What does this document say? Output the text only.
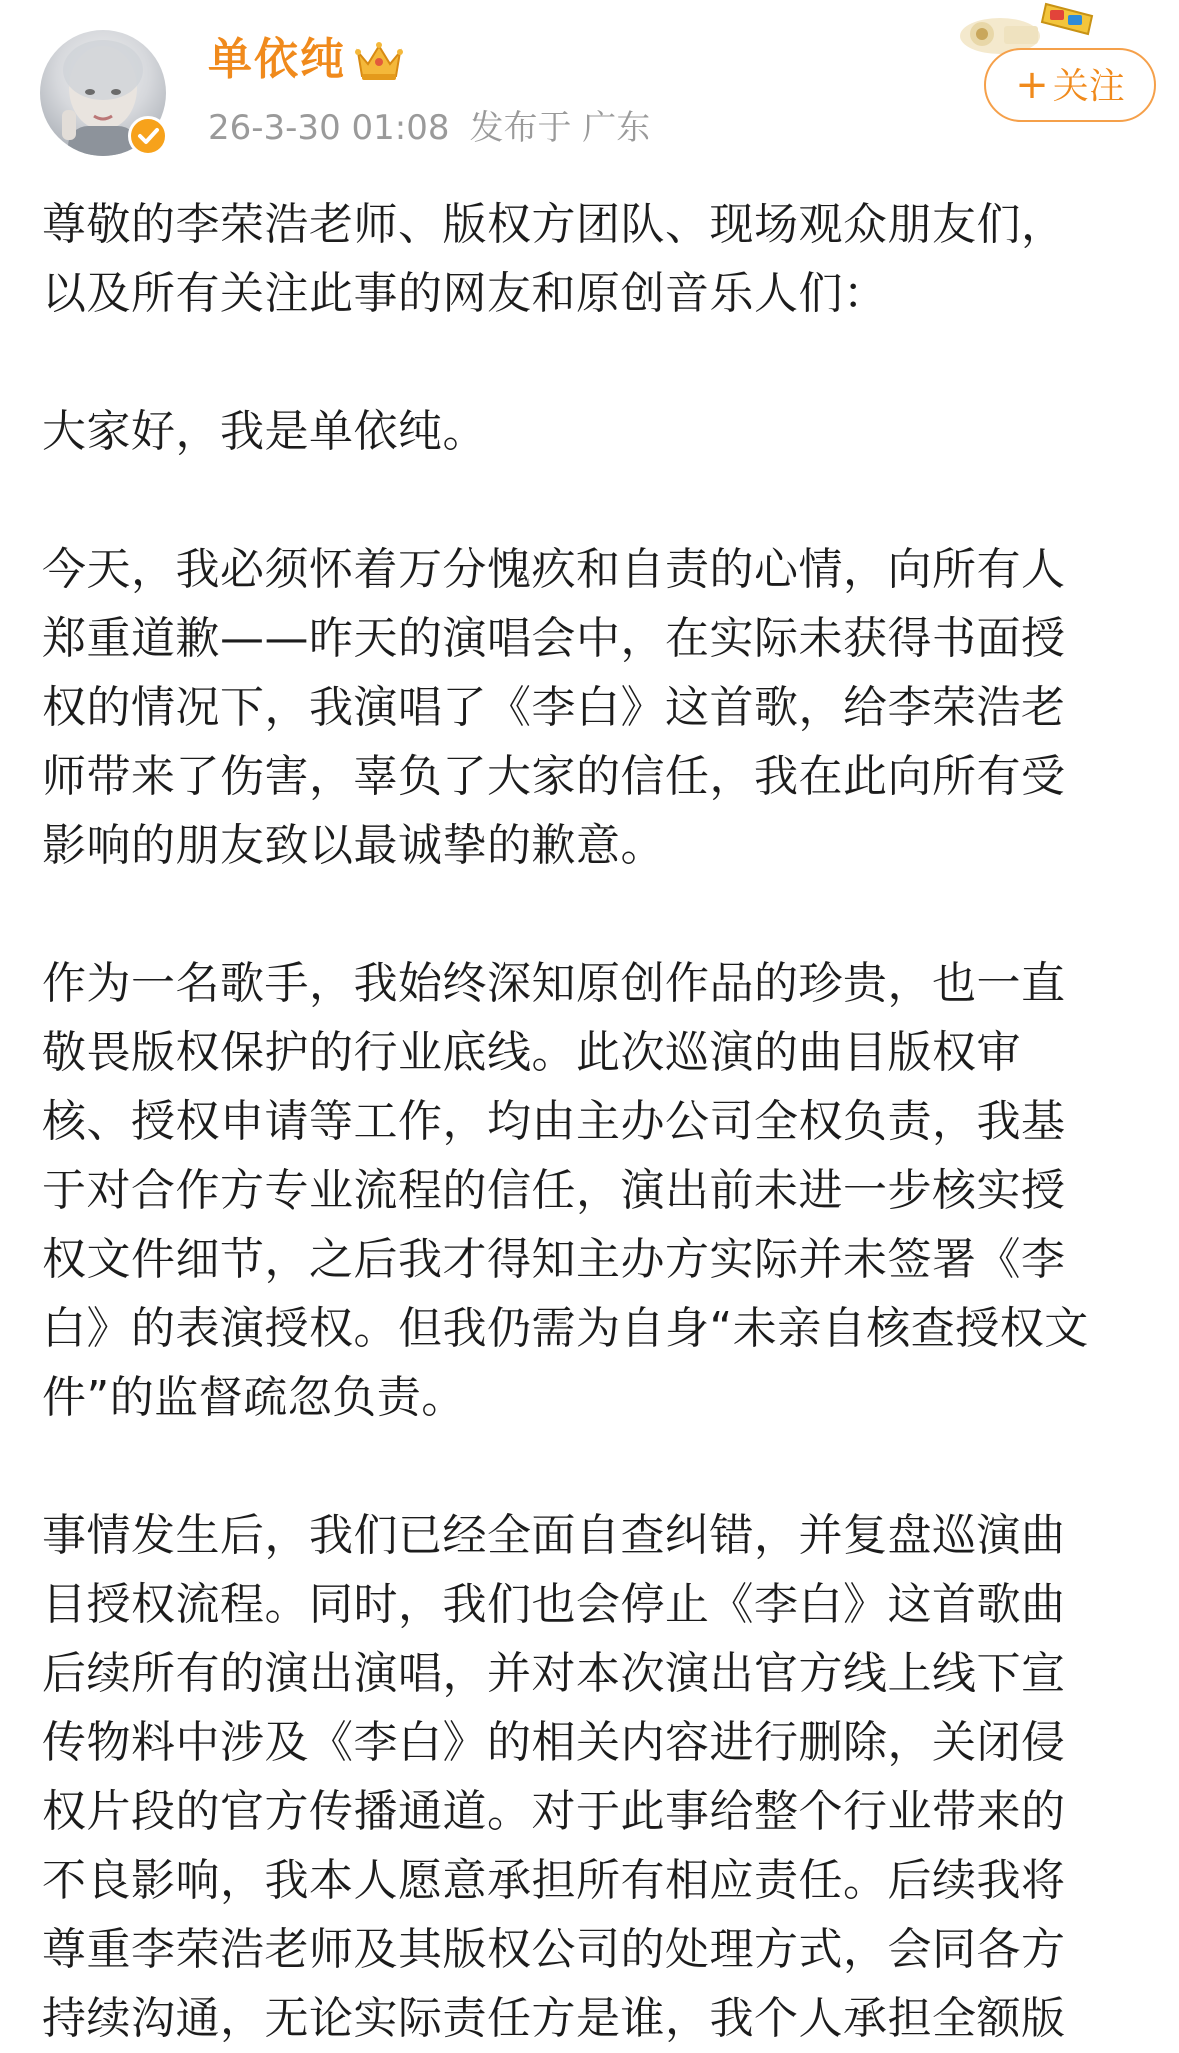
单依纯
26-3-30 01:08 发布于 广东
+ 关注
尊敬的李荣浩老师、版权方团队、现场观众朋友们，
以及所有关注此事的网友和原创音乐人们：
大家好，我是单依纯。
今天，我必须怀着万分愧疚和自责的心情，向所有人
郑重道歉——昨天的演唱会中，在实际未获得书面授
权的情况下，我演唱了《李白》这首歌，给李荣浩老
师带来了伤害，辜负了大家的信任，我在此向所有受
影响的朋友致以最诚挚的歉意。
作为一名歌手，我始终深知原创作品的珍贵，也一直
敬畏版权保护的行业底线。此次巡演的曲目版权审
核、授权申请等工作，均由主办公司全权负责，我基
于对合作方专业流程的信任，演出前未进一步核实授
权文件细节，之后我才得知主办方实际并未签署《李
白》的表演授权。但我仍需为自身“未亲自核查授权文
件”的监督疏忽负责。
事情发生后，我们已经全面自查纠错，并复盘巡演曲
目授权流程。同时，我们也会停止《李白》这首歌曲
后续所有的演出演唱，并对本次演出官方线上线下宣
传物料中涉及《李白》的相关内容进行删除，关闭侵
权片段的官方传播通道。对于此事给整个行业带来的
不良影响，我本人愿意承担所有相应责任。后续我将
尊重李荣浩老师及其版权公司的处理方式，会同各方
持续沟通，无论实际责任方是谁，我个人承担全额版
